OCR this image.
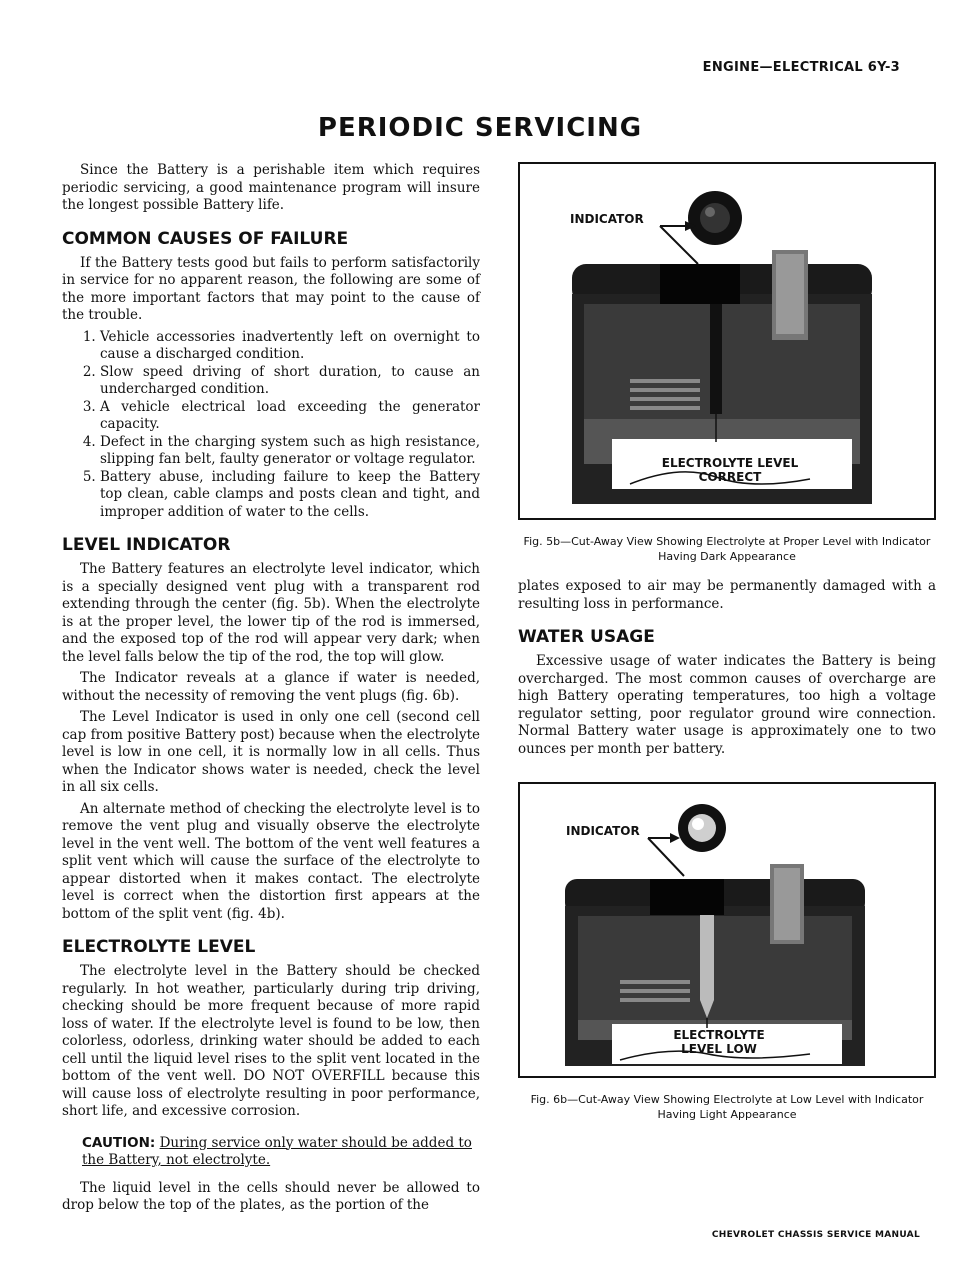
ENGINE—ELECTRICAL 6Y-3
PERIODIC SERVICING

Since the Battery is a perishable item which requires periodic servicing, a good maintenance program will insure the longest possible Battery life.

COMMON CAUSES OF FAILURE

If the Battery tests good but fails to perform satisfactorily in service for no apparent reason, the following are some of the more important factors that may point to the cause of the trouble.

1. Vehicle accessories inadvertently left on overnight to cause a discharged condition.
2. Slow speed driving of short duration, to cause an undercharged condition.
3. A vehicle electrical load exceeding the generator capacity.
4. Defect in the charging system such as high resistance, slipping fan belt, faulty generator or voltage regulator.
5. Battery abuse, including failure to keep the Battery top clean, cable clamps and posts clean and tight, and improper addition of water to the cells.
LEVEL INDICATOR

The Battery features an electrolyte level indicator, which is a specially designed vent plug with a transparent rod extending through the center (fig. 5b). When the electrolyte is at the proper level, the lower tip of the rod is immersed, and the exposed top of the rod will appear very dark; when the level falls below the tip of the rod, the top will glow.

The Indicator reveals at a glance if water is needed, without the necessity of removing the vent plugs (fig. 6b).

The Level Indicator is used in only one cell (second cell cap from positive Battery post) because when the electrolyte level is low in one cell, it is normally low in all cells. Thus when the Indicator shows water is needed, check the level in all six cells.

An alternate method of checking the electrolyte level is to remove the vent plug and visually observe the electrolyte level in the vent well. The bottom of the vent well features a split vent which will cause the surface of the electrolyte to appear distorted when it makes contact. The electrolyte level is correct when the distortion first appears at the bottom of the split vent (fig. 4b).

ELECTROLYTE LEVEL

The electrolyte level in the Battery should be checked regularly. In hot weather, particularly during trip driving, checking should be more frequent because of more rapid loss of water. If the electrolyte level is found to be low, then colorless, odorless, drinking water should be added to each cell until the liquid level rises to the split vent located in the bottom of the vent well. DO NOT OVERFILL because this will cause loss of electrolyte resulting in poor performance, short life, and excessive corrosion.

CAUTION: During service only water should be added to the Battery, not electrolyte.

The liquid level in the cells should never be allowed to drop below the top of the plates, as the portion of the

INDICATOR
ELECTROLYTE LEVEL CORRECT
Fig. 5b—Cut-Away View Showing Electrolyte at Proper Level with Indicator Having Dark Appearance

plates exposed to air may be permanently damaged with a resulting loss in performance.

WATER USAGE

Excessive usage of water indicates the Battery is being overcharged. The most common causes of overcharge are high Battery operating temperatures, too high a voltage regulator setting, poor regulator ground wire connection. Normal Battery water usage is approximately one to two ounces per month per battery.

INDICATOR
ELECTROLYTE LEVEL LOW
Fig. 6b—Cut-Away View Showing Electrolyte at Low Level with Indicator Having Light Appearance
CHEVROLET CHASSIS SERVICE MANUAL
